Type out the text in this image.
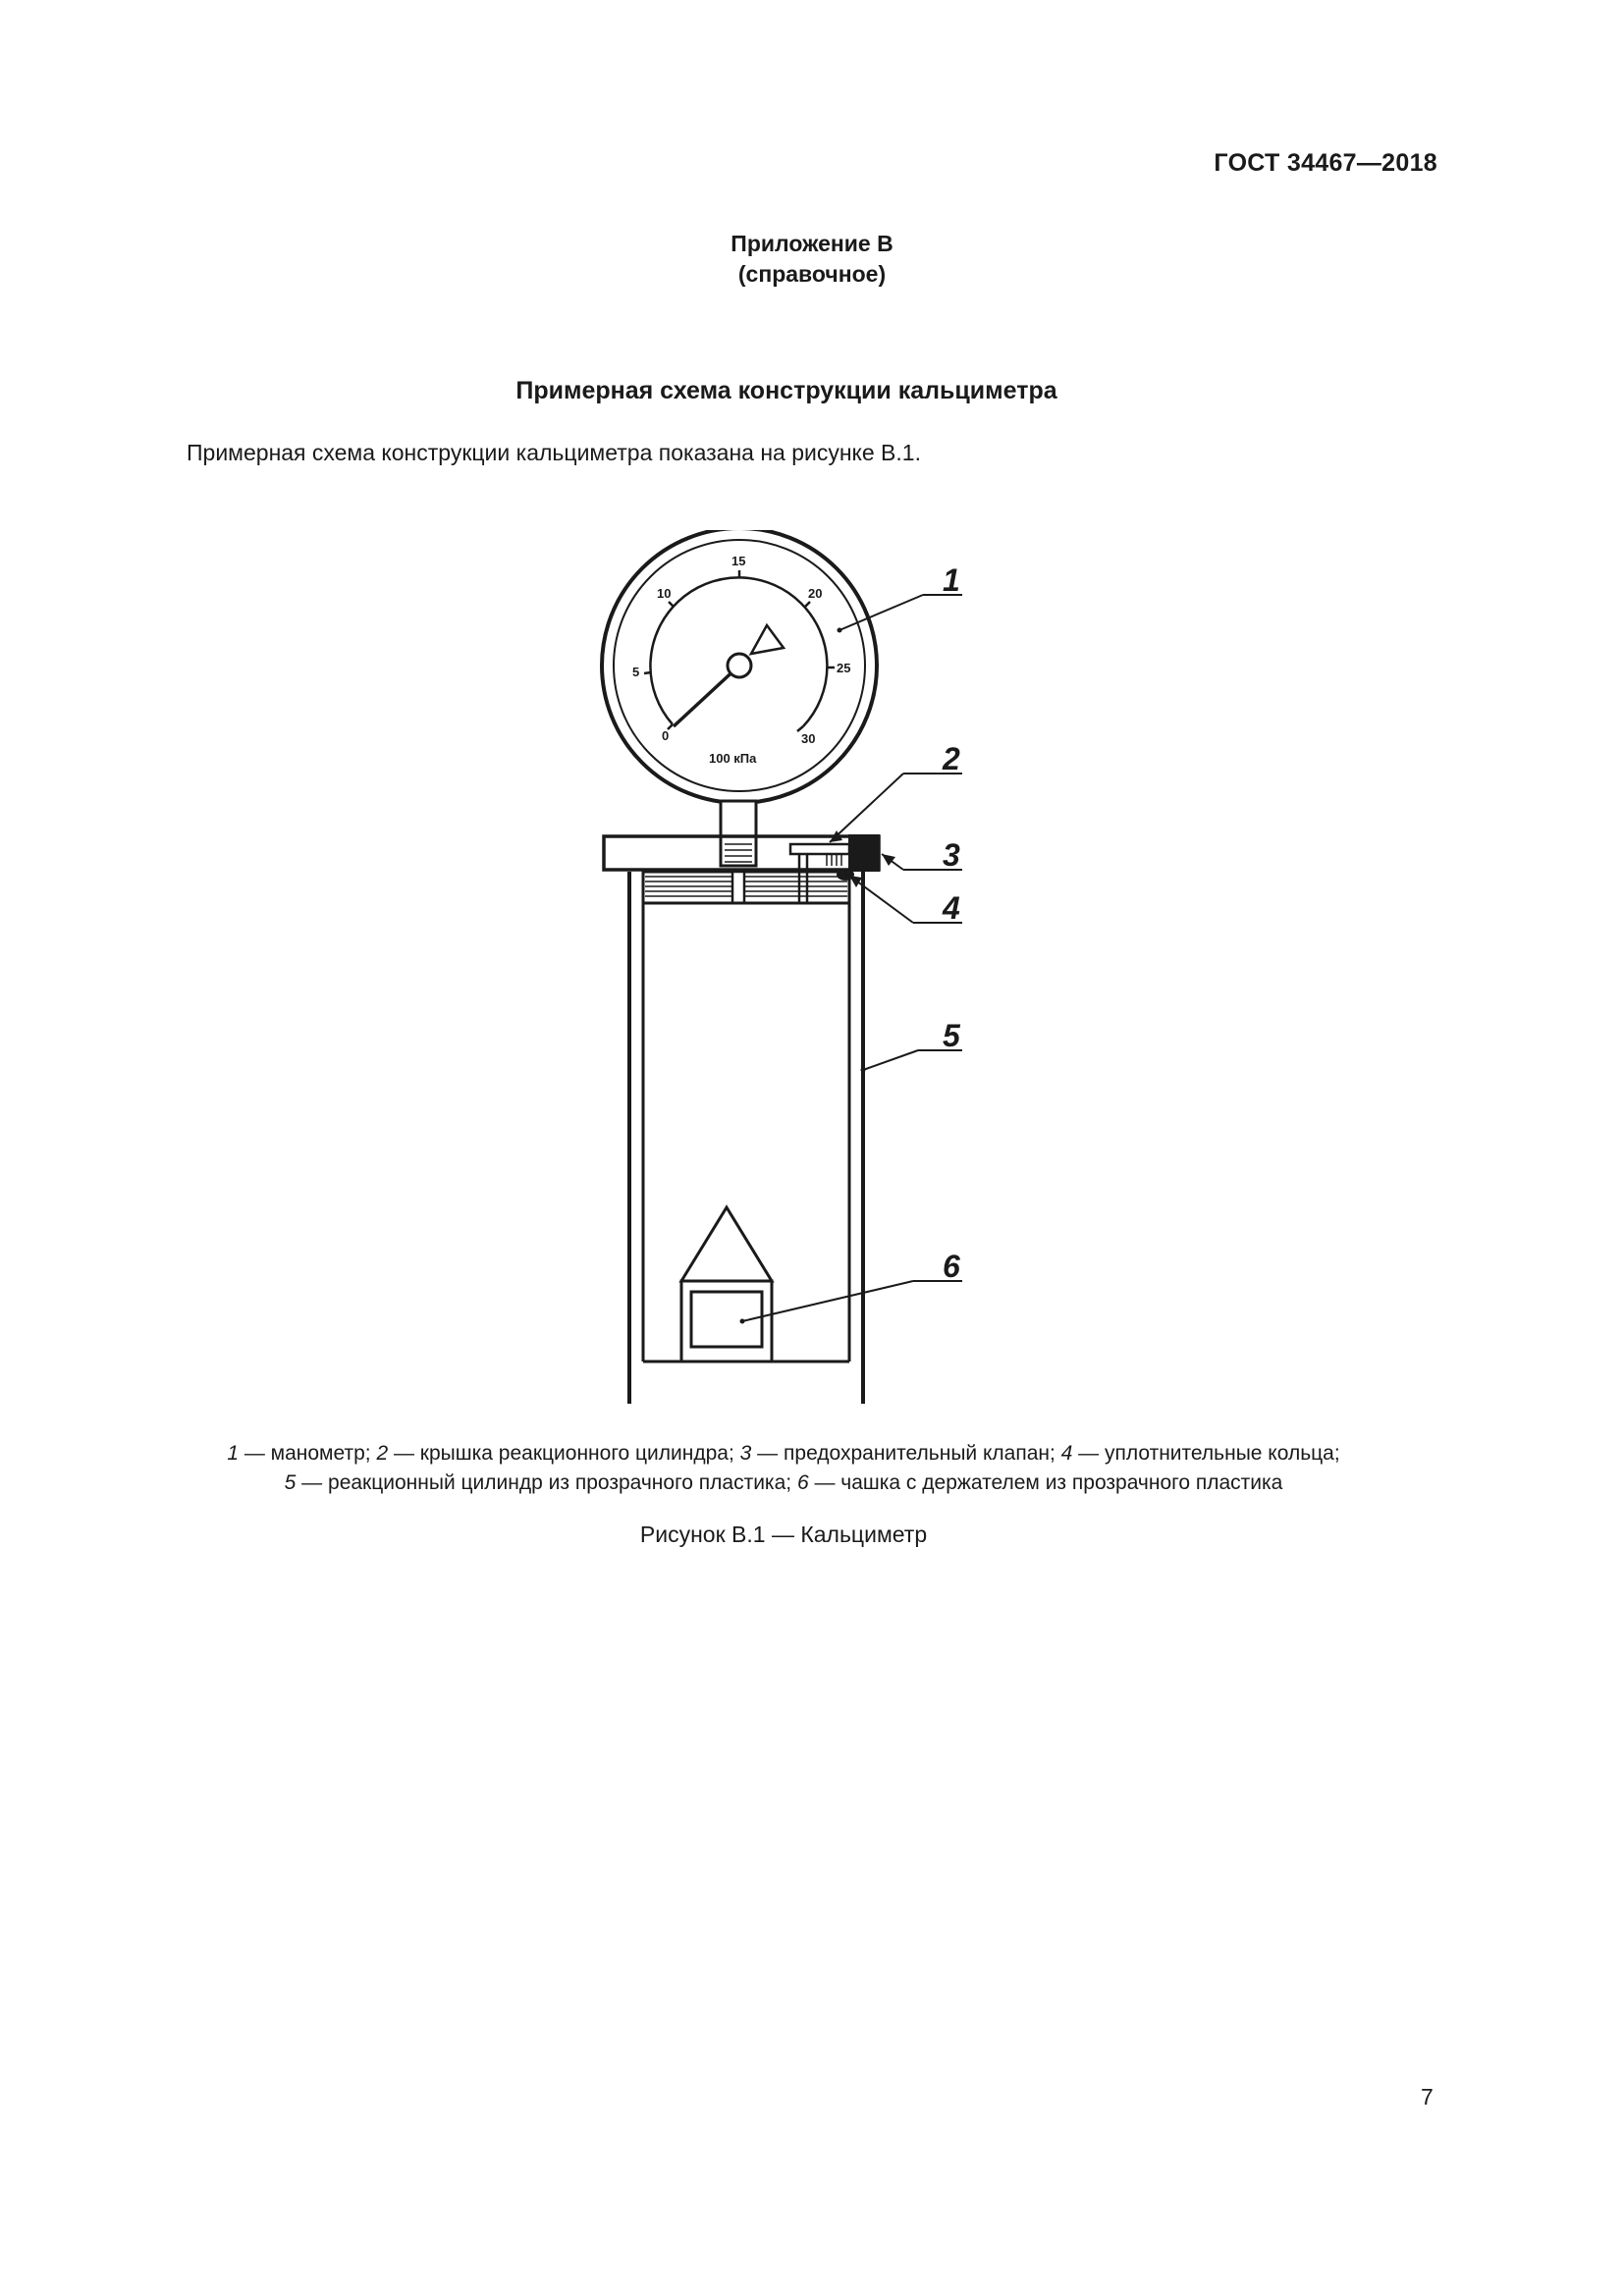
ГОСТ 34467—2018
Приложение В
(справочное)
Примерная схема конструкции кальциметра
Примерная схема конструкции кальциметра показана на рисунке В.1.
0
5
10
15
20
25
30
100 кПа
1
2
3
4
5
6
1 — манометр; 2 — крышка реакционного цилиндра; 3 — предохранительный клапан; 4 — уплотнительные кольца;
5 — реакционный цилиндр из прозрачного пластика; 6 — чашка с держателем из прозрачного пластика
Рисунок В.1 — Кальциметр
7
